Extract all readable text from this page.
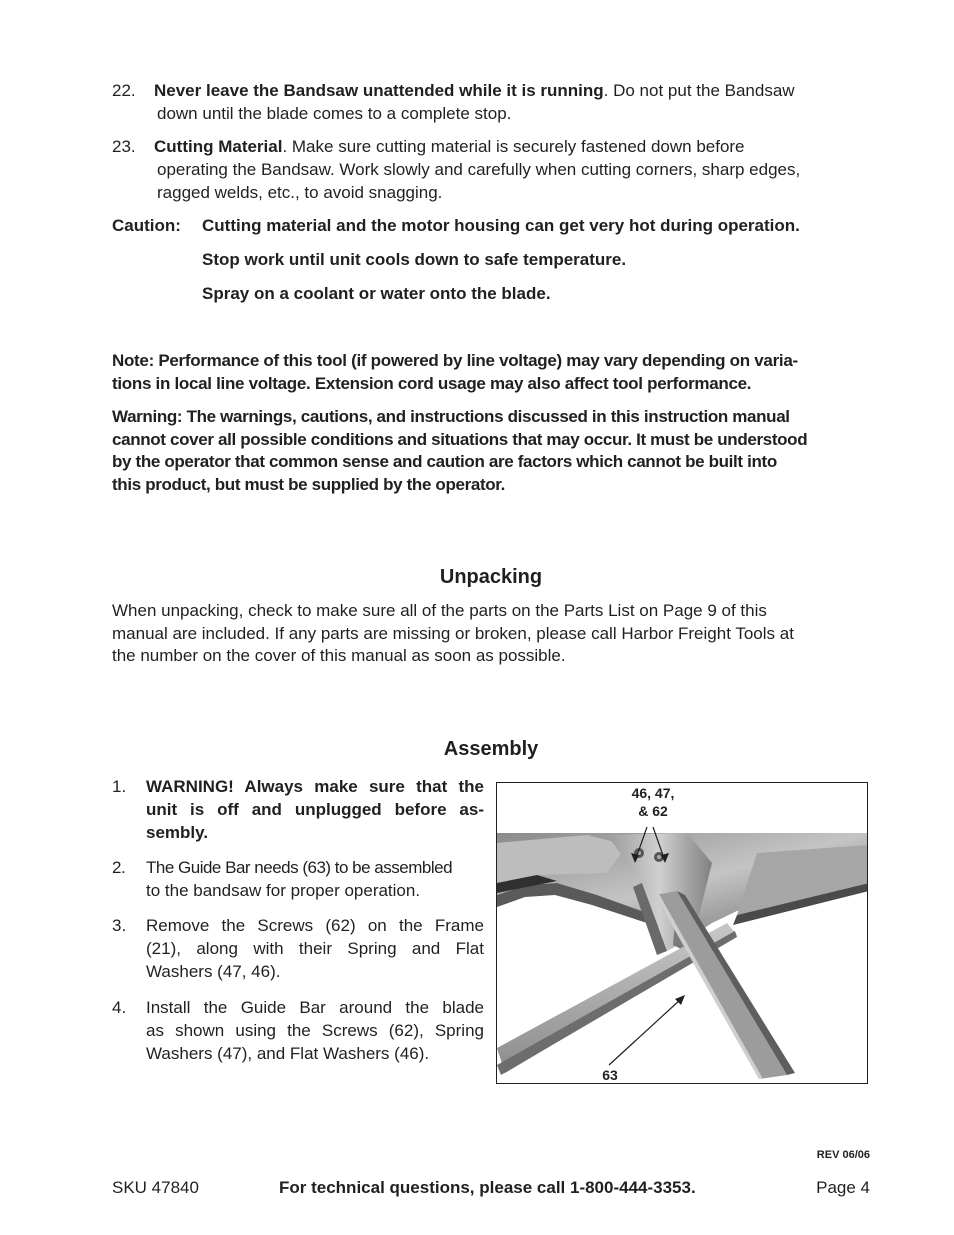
22. Never leave the Bandsaw unattended while it is running. Do not put the Bandsaw
down until the blade comes to a complete stop.
23. Cutting Material. Make sure cutting material is securely fastened down before
operating the Bandsaw. Work slowly and carefully when cutting corners, sharp edges,
ragged welds, etc., to avoid snagging.
Caution: Cutting material and the motor housing can get very hot during operation.
Stop work until unit cools down to safe temperature.
Spray on a coolant or water onto the blade.
Note: Performance of this tool (if powered by line voltage) may vary depending on varia-
tions in local line voltage. Extension cord usage may also affect tool performance.
Warning: The warnings, cautions, and instructions discussed in this instruction manual
cannot cover all possible conditions and situations that may occur. It must be understood
by the operator that common sense and caution are factors which cannot be built into
this product, but must be supplied by the operator.
Unpacking
When unpacking, check to make sure all of the parts on the Parts List on Page 9 of this
manual are included. If any parts are missing or broken, please call Harbor Freight Tools at
the number on the cover of this manual as soon as possible.
Assembly
1. WARNING! Always make sure that the
unit is off and unplugged before as-
sembly.
2. The Guide Bar needs (63) to be assembled
to the bandsaw for proper operation.
3. Remove the Screws (62) on the Frame
(21), along with their Spring and Flat
Washers (47, 46).
4. Install the Guide Bar around the blade
as shown using the Screws (62), Spring
Washers (47), and Flat Washers (46).
46, 47,
& 62
63
REV 06/06
SKU 47840	For technical questions, please call 1-800-444-3353.	Page 4
